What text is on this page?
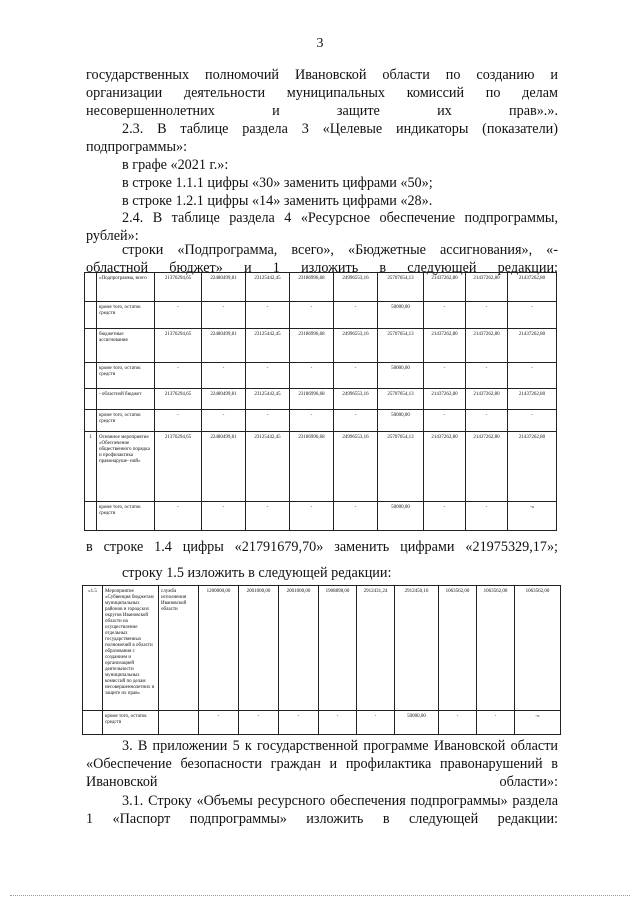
3

государственных полномочий Ивановской области по созданию и организации деятельности муниципальных комиссий по делам несовершеннолетних и защите их прав».».

2.3. В таблице раздела 3 «Целевые индикаторы (показатели) подпрограммы»:

в графе «2021 г.»:

в строке 1.1.1 цифры «30» заменить цифрами «50»;

в строке 1.2.1 цифры «14» заменить цифрами «28».

2.4. В таблице раздела 4 «Ресурсное обеспечение подпрограммы, рублей»:

строки «Подпрограмма, всего», «Бюджетные ассигнования», «- областной бюджет» и 1 изложить в следующей редакции:

	«Подпрограмма, всего	21376294,65	22480499,81	23125442,45	23186996,68	24996553,16	25707654,13	21437262,80	21437262,80	21437262,80
	кроме того, остаток средств	-	-	-	-	-	50000,00	-	-	-
	бюджетные ассигнования	21376294,65	22480499,81	23125442,45	23186996,68	24996553,16	25707654,13	21437262,80	21437262,80	21437262,80
	кроме того, остаток средств	-	-	-	-	-	50000,00	-	-	-
	- областной бюджет	21376294,65	22480499,81	23125442,45	23186996,68	24996553,16	25707654,13	21437262,80	21437262,80	21437262,80
	кроме того, остаток средств	-	-	-	-	-	50000,00	-	-	-
1	Основное мероприятие «Обеспечение общественного порядка и профилактика правонаруше- ний»	21376294,65	22480499,81	23125442,45	23186996,68	24996553,16	25707654,13	21437262,80	21437262,80	21437262,80
	кроме того, остаток средств	-	-	-	-	-	50000,00	-	-	-»

в строке 1.4 цифры «21791679,70» заменить цифрами «21975329,17»;

строку 1.5 изложить в следующей редакции:

«1.5	Мероприятие «Субвенция бюджетам муниципальных районов и городских округов Ивановской области на осуществление отдельных государственных полномочий в области образования с созданием и организацией деятельности муниципальных комиссий по делам несовершеннолетних и защите их прав»	служба исполнения Ивановской области	1200000,00	2001000,00	2001000,00	1908898,00	2912431,24	2912450,16	1063562,00	1063562,00	1063562,00
	кроме того, остаток средств		-	-	-	-	-	50000,00	-	-	-»

3. В приложении 5 к государственной программе Ивановской области «Обеспечение безопасности граждан и профилактика правонарушений в Ивановской области»:

3.1. Строку «Объемы ресурсного обеспечения подпрограммы» раздела 1 «Паспорт подпрограммы» изложить в следующей редакции:
